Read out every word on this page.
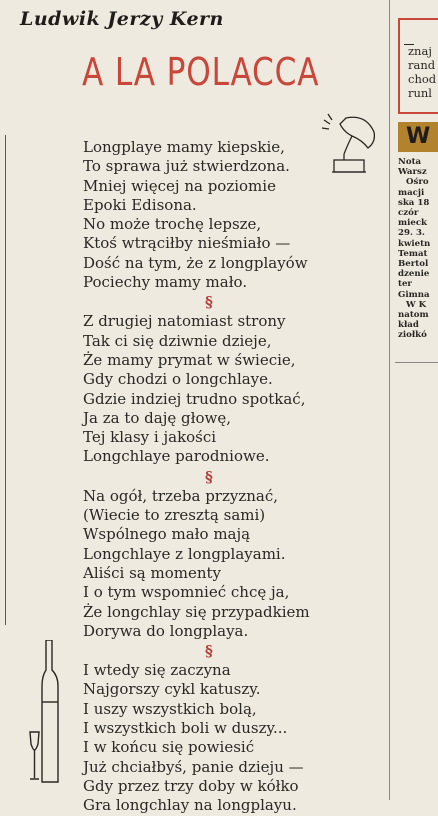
Ludwik Jerzy Kern
A LA POLACCA
Longplaye mamy kiepskie,
To sprawa już stwierdzona.
Mniej więcej na poziomie
Epoki Edisona.
No może trochę lepsze,
Ktoś wtrąciłby nieśmiało —
Dość na tym, że z longplayów
Pociechy mamy mało.
§
Z drugiej natomiast strony
Tak ci się dziwnie dzieje,
Że mamy prymat w świecie,
Gdy chodzi o longchlaye.
Gdzie indziej trudno spotkać,
Ja za to daję głowę,
Tej klasy i jakości
Longchlaye parodniowe.
§
Na ogół, trzeba przyznać,
(Wiecie to zresztą sami)
Wspólnego mało mają
Longchlaye z longplayami.
Aliści są momenty
I o tym wspomnieć chcę ja,
Że longchlay się przypadkiem
Dorywa do longplaya.
§
I wtedy się zaczyna
Najgorszy cykl katuszy.
I uszy wszystkich bolą,
I wszystkich boli w duszy...
I w końcu się powiesić
Już chciałbyś, panie dzieju —
Gdy przez trzy doby w kółko
Gra longchlay na longplayu.
znaj
rand
chod
runl
W
Nota
Warsz
Ośro
macji
ska 18
czór
mieck
29. 3.
kwietn
Temat
Bertol
dzenie
ter
Gimna
W K
natom
kład
ziołkó
